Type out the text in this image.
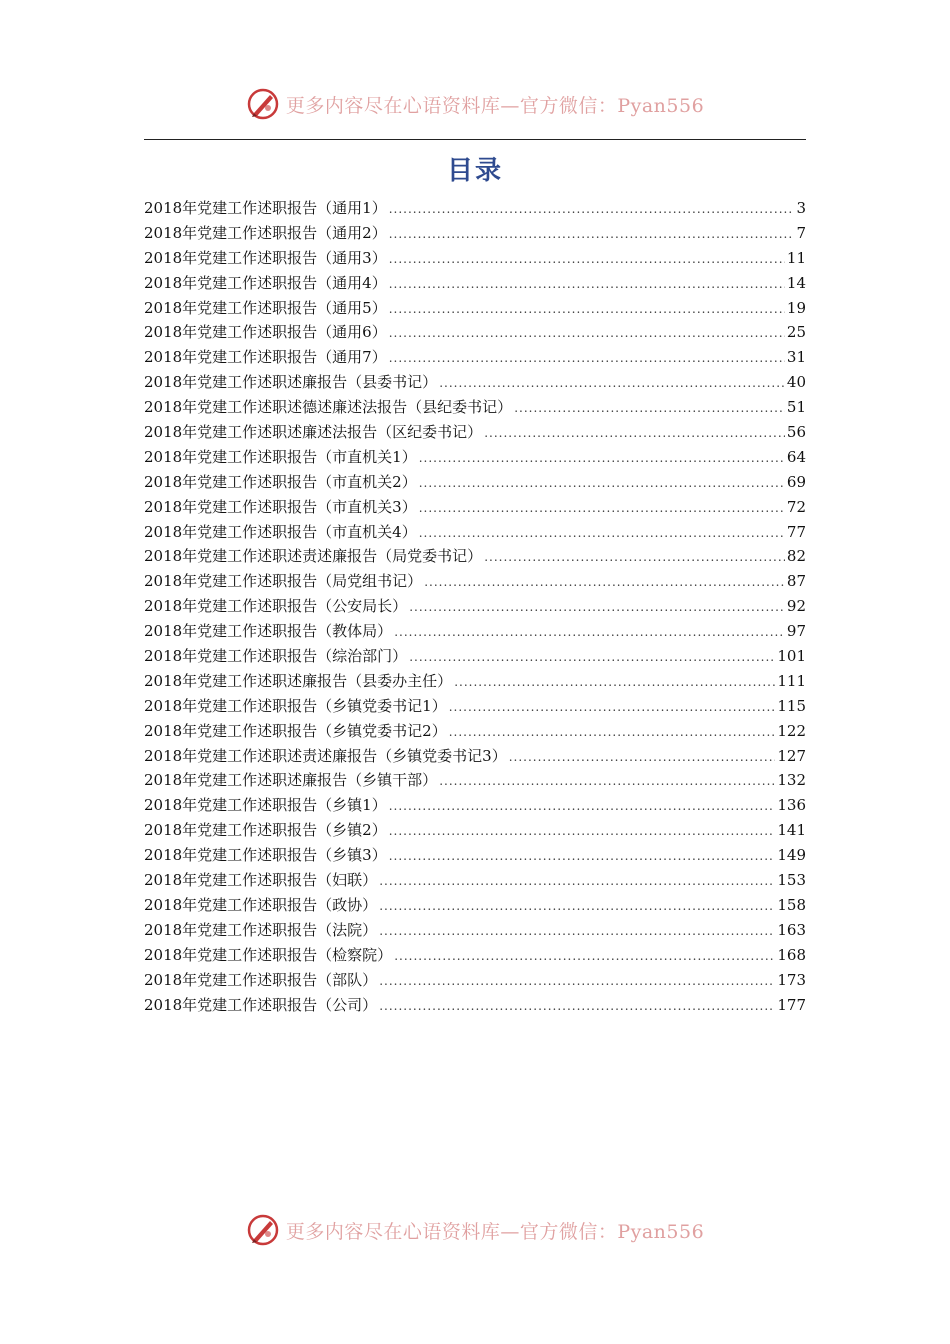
更多内容尽在心语资料库—官方微信：Pyan556
目录
2018年党建工作述职报告（通用1） .....	3
2018年党建工作述职报告（通用2） .....	7
2018年党建工作述职报告（通用3） .....	11
2018年党建工作述职报告（通用4） .....	14
2018年党建工作述职报告（通用5） .....	19
2018年党建工作述职报告（通用6） .....	25
2018年党建工作述职报告（通用7） .....	31
2018年党建工作述职述廉报告（县委书记） .....	40
2018年党建工作述职述德述廉述法报告（县纪委书记） .....	51
2018年党建工作述职述廉述法报告（区纪委书记） .....	56
2018年党建工作述职报告（市直机关1） .....	64
2018年党建工作述职报告（市直机关2） .....	69
2018年党建工作述职报告（市直机关3） .....	72
2018年党建工作述职报告（市直机关4） .....	77
2018年党建工作述职述责述廉报告（局党委书记） .....	82
2018年党建工作述职报告（局党组书记） .....	87
2018年党建工作述职报告（公安局长） .....	92
2018年党建工作述职报告（教体局） .....	97
2018年党建工作述职报告（综治部门） .....	101
2018年党建工作述职述廉报告（县委办主任） .....	111
2018年党建工作述职报告（乡镇党委书记1） .....	115
2018年党建工作述职报告（乡镇党委书记2） .....	122
2018年党建工作述职述责述廉报告（乡镇党委书记3） .....	127
2018年党建工作述职述廉报告（乡镇干部） .....	132
2018年党建工作述职报告（乡镇1） .....	136
2018年党建工作述职报告（乡镇2） .....	141
2018年党建工作述职报告（乡镇3） .....	149
2018年党建工作述职报告（妇联） .....	153
2018年党建工作述职报告（政协） .....	158
2018年党建工作述职报告（法院） .....	163
2018年党建工作述职报告（检察院） .....	168
2018年党建工作述职报告（部队） .....	173
2018年党建工作述职报告（公司） .....	177
更多内容尽在心语资料库—官方微信：Pyan556
